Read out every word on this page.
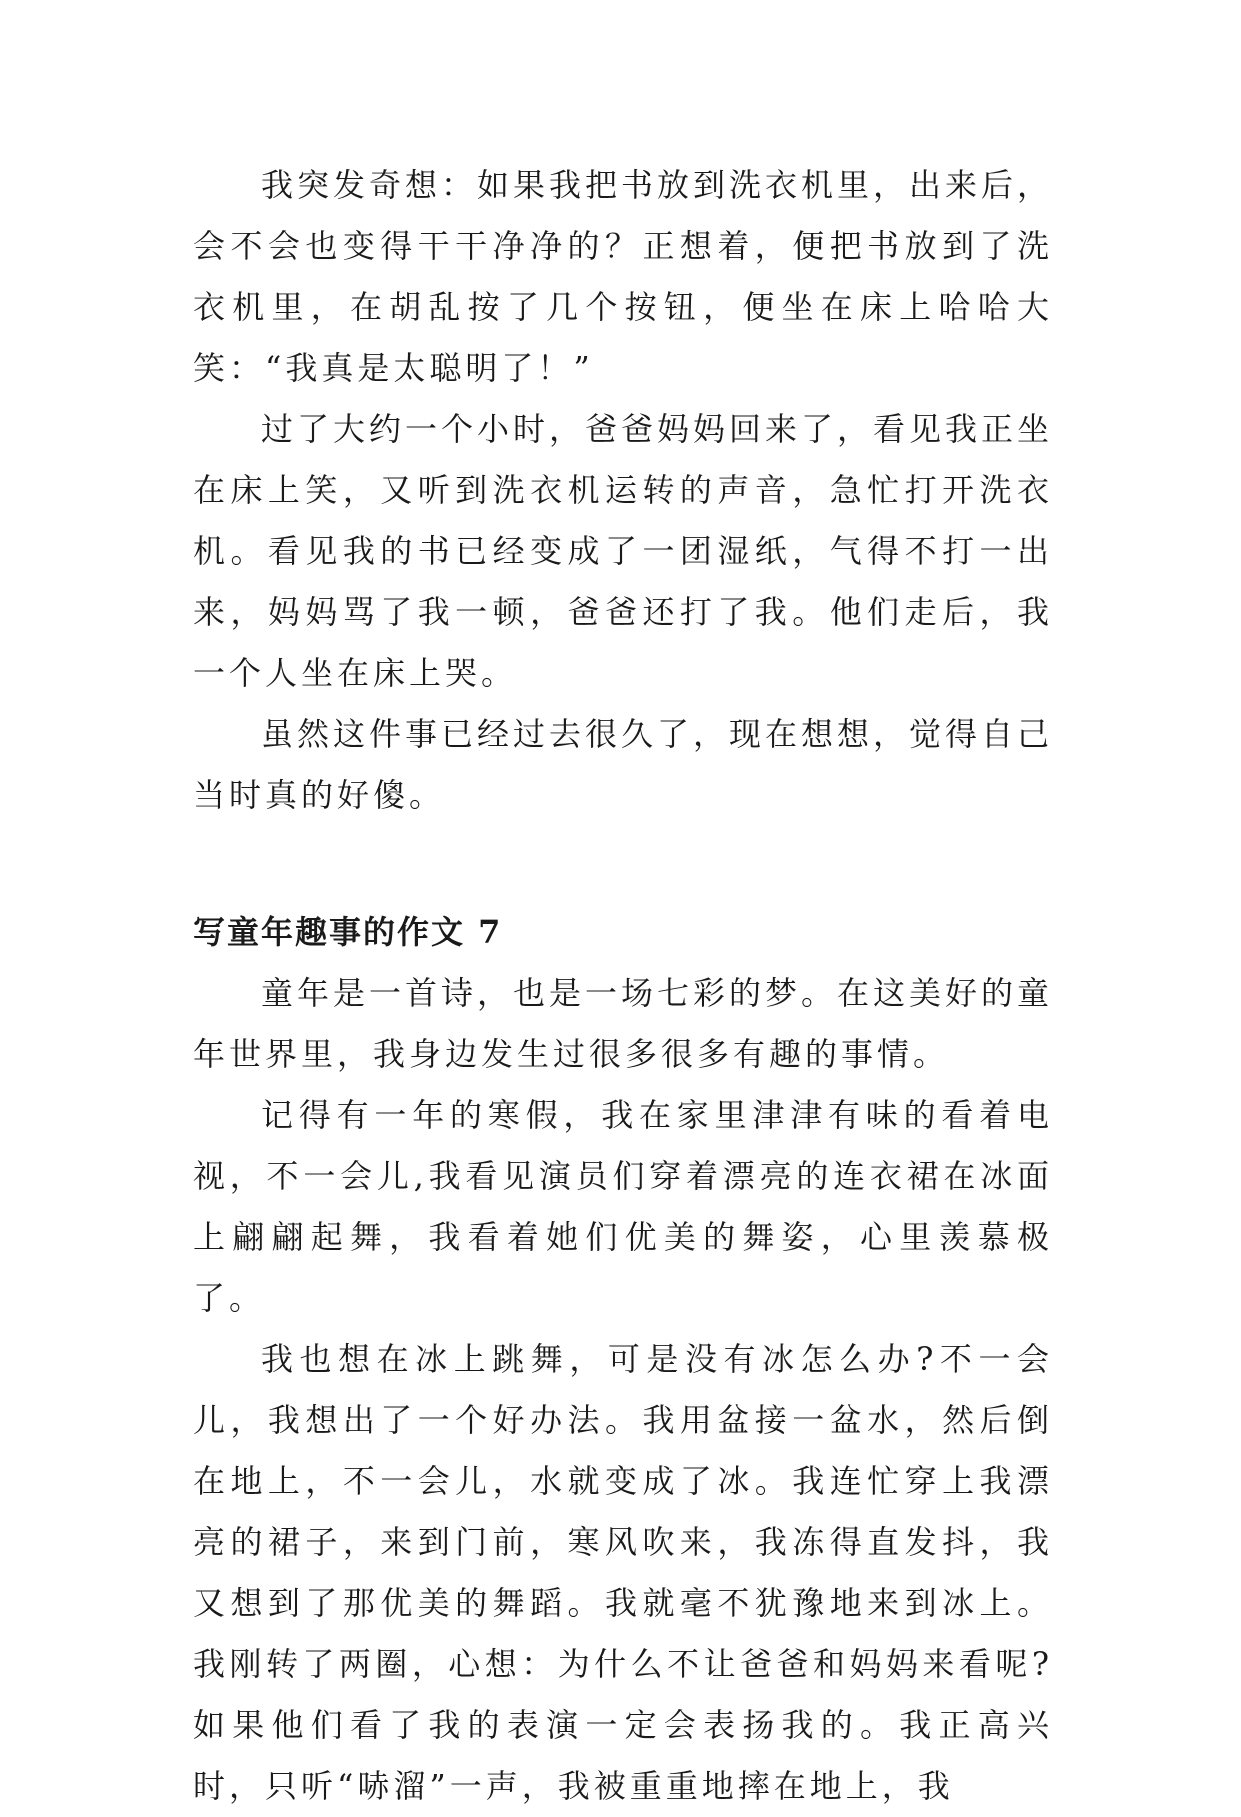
我突发奇想：如果我把书放到洗衣机里，出来后，会不会也变得干干净净的？正想着，便把书放到了洗衣机里，在胡乱按了几个按钮，便坐在床上哈哈大笑：“我真是太聪明了！”

过了大约一个小时，爸爸妈妈回来了，看见我正坐在床上笑，又听到洗衣机运转的声音，急忙打开洗衣机。看见我的书已经变成了一团湿纸，气得不打一出来，妈妈骂了我一顿，爸爸还打了我。他们走后，我一个人坐在床上哭。

虽然这件事已经过去很久了，现在想想，觉得自己当时真的好傻。

写童年趣事的作文 7

童年是一首诗，也是一场七彩的梦。在这美好的童年世界里，我身边发生过很多很多有趣的事情。

记得有一年的寒假，我在家里津津有味的看着电视，不一会儿,我看见演员们穿着漂亮的连衣裙在冰面上翩翩起舞，我看着她们优美的舞姿，心里羡慕极了。

我也想在冰上跳舞，可是没有冰怎么办?不一会儿，我想出了一个好办法。我用盆接一盆水，然后倒在地上，不一会儿，水就变成了冰。我连忙穿上我漂亮的裙子，来到门前，寒风吹来，我冻得直发抖，我又想到了那优美的舞蹈。我就毫不犹豫地来到冰上。我刚转了两圈，心想：为什么不让爸爸和妈妈来看呢?如果他们看了我的表演一定会表扬我的。我正高兴时，只听“哧溜”一声，我被重重地摔在地上，我
